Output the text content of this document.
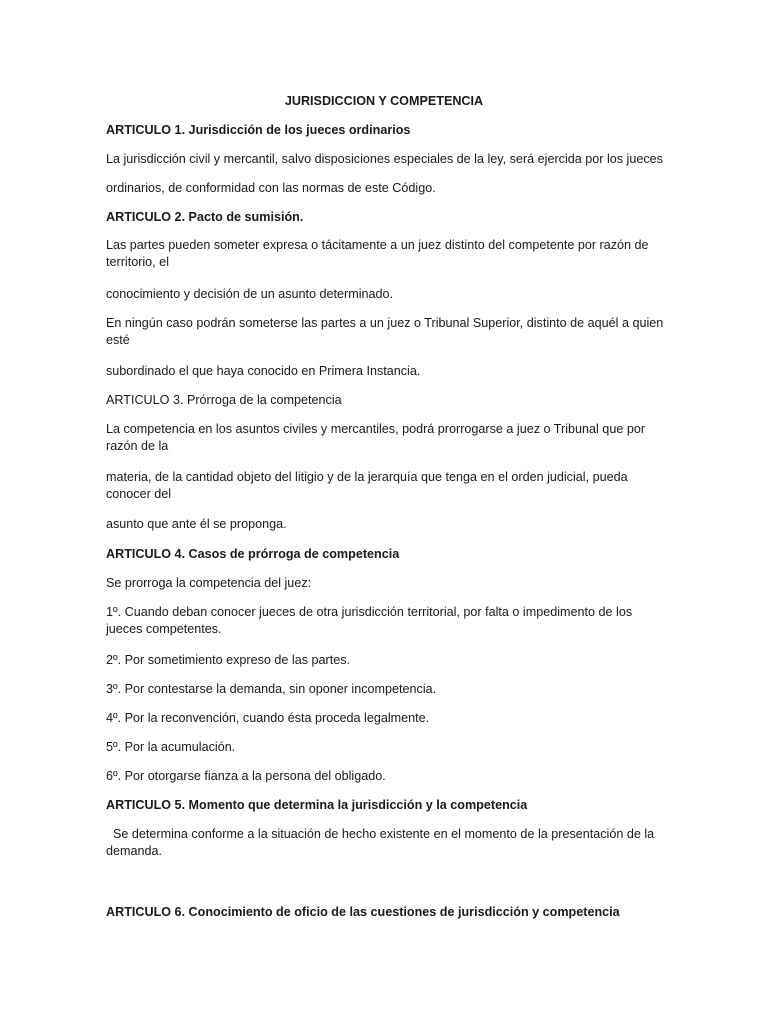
JURISDICCION Y COMPETENCIA
ARTICULO 1. Jurisdicción de los jueces ordinarios
La jurisdicción civil y mercantil, salvo disposiciones especiales de la ley, será ejercida por los jueces
ordinarios, de conformidad con las normas de este Código.
ARTICULO 2. Pacto de sumisión.
Las partes pueden someter expresa o tácitamente a un juez distinto del competente por razón de territorio, el
conocimiento y decisión de un asunto determinado.
En ningún caso podrán someterse las partes a un juez o Tribunal Superior, distinto de aquél a quien esté
subordinado el que haya conocido en Primera Instancia.
ARTICULO 3. Prórroga de la competencia
La competencia en los asuntos civiles y mercantiles, podrá prorrogarse a juez o Tribunal que por razón de la
materia, de la cantidad objeto del litigio y de la jerarquía que tenga en el orden judicial, pueda conocer del
asunto que ante él se proponga.
ARTICULO 4. Casos de prórroga de competencia
Se prorroga la competencia del juez:
1º. Cuando deban conocer jueces de otra jurisdicción territorial, por falta o impedimento de los jueces competentes.
2º. Por sometimiento expreso de las partes.
3º. Por contestarse la demanda, sin oponer incompetencia.
4º. Por la reconvención, cuando ésta proceda legalmente.
5º. Por la acumulación.
6º. Por otorgarse fianza a la persona del obligado.
ARTICULO 5. Momento que determina la jurisdicción y la competencia
Se determina conforme a la situación de hecho existente en el momento de la presentación de la demanda.
ARTICULO 6. Conocimiento de oficio de las cuestiones de jurisdicción y competencia
